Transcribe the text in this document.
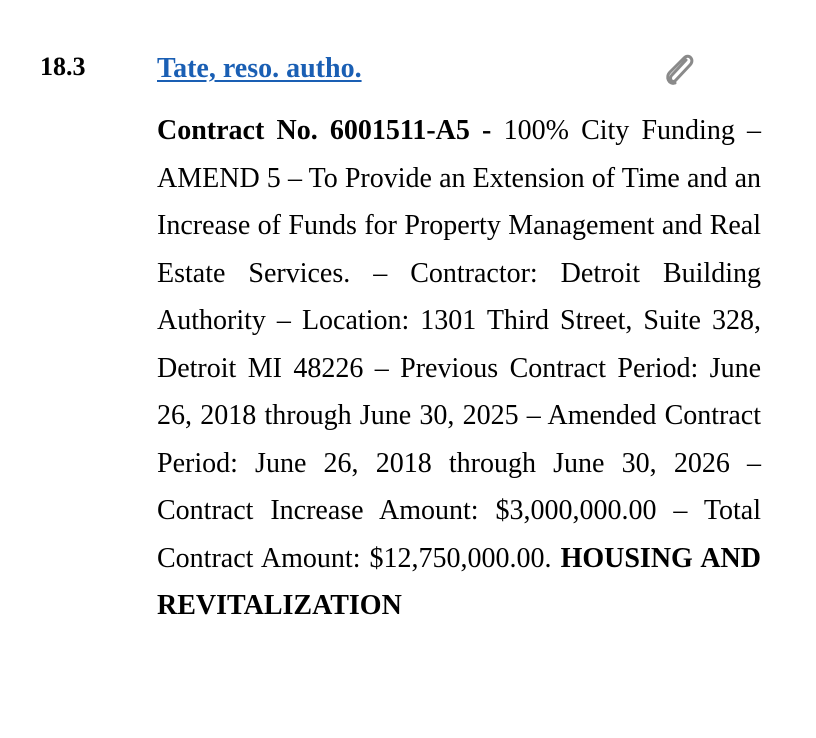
18.3	Tate, reso. autho.
Contract No. 6001511-A5 - 100% City Funding – AMEND 5 – To Provide an Extension of Time and an Increase of Funds for Property Management and Real Estate Services. – Contractor: Detroit Building Authority – Location: 1301 Third Street, Suite 328, Detroit MI 48226 – Previous Contract Period: June 26, 2018 through June 30, 2025 – Amended Contract Period: June 26, 2018 through June 30, 2026 – Contract Increase Amount: $3,000,000.00 – Total Contract Amount: $12,750,000.00. HOUSING AND REVITALIZATION
